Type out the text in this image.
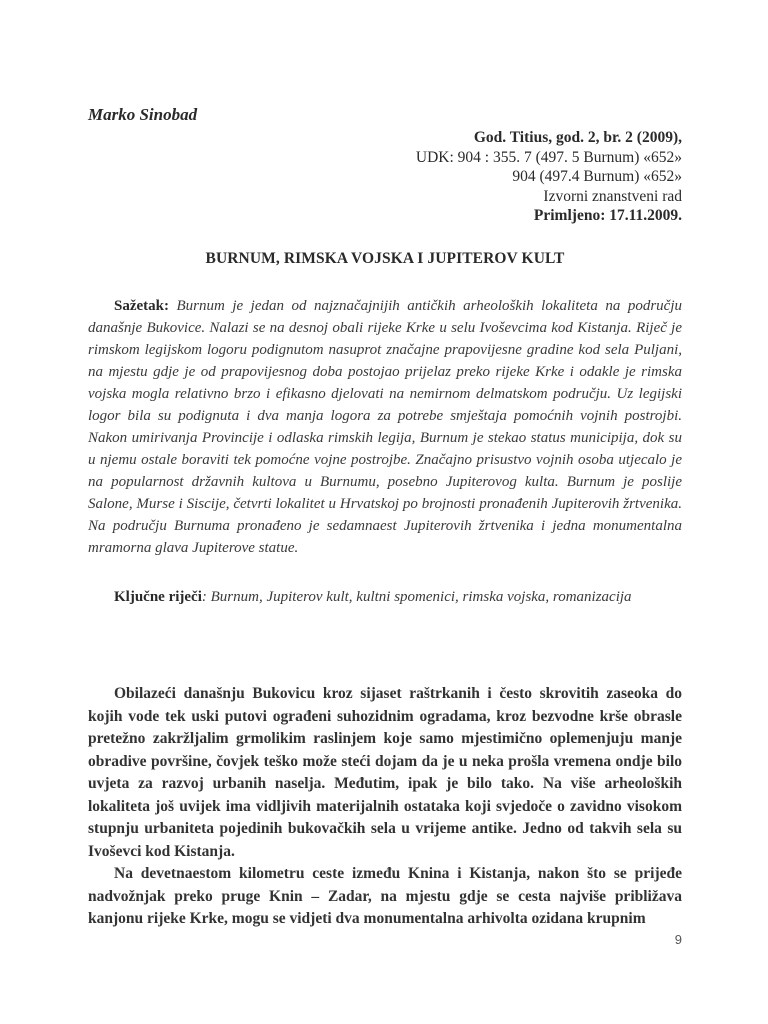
Marko Sinobad
God. Titius, god. 2, br. 2 (2009),
UDK: 904 : 355. 7 (497. 5 Burnum) «652»
904 (497.4 Burnum) «652»
Izvorni znanstveni rad
Primljeno: 17.11.2009.
BURNUM, RIMSKA VOJSKA I JUPITEROV KULT
Sažetak: Burnum je jedan od najznačajnijih antičkih arheoloških lokaliteta na području današnje Bukovice. Nalazi se na desnoj obali rijeke Krke u selu Ivoševcima kod Kistanja. Riječ je rimskom legijskom logoru podignutom nasuprot značajne prapovijesne gradine kod sela Puljani, na mjestu gdje je od prapovijesnog doba postojao prijelaz preko rijeke Krke i odakle je rimska vojska mogla relativno brzo i efikasno djelovati na nemirnom delmatskom području. Uz legijski logor bila su podignuta i dva manja logora za potrebe smještaja pomoćnih vojnih postrojbi. Nakon umirivanja Provincije i odlaska rimskih legija, Burnum je stekao status municipija, dok su u njemu ostale boraviti tek pomoćne vojne postrojbe. Značajno prisustvo vojnih osoba utjecalo je na popularnost državnih kultova u Burnumu, posebno Jupiterovog kulta. Burnum je poslije Salone, Murse i Siscije, četvrti lokalitet u Hrvatskoj po brojnosti pronađenih Jupiterovih žrtvenika. Na području Burnuma pronađeno je sedamnaest Jupiterovih žrtvenika i jedna monumentalna mramorna glava Jupiterove statue.
Ključne riječi: Burnum, Jupiterov kult, kultni spomenici, rimska vojska, romanizacija

Obilazeći današnju Bukovicu kroz sijaset raštrkanih i često skrovitih zaseoka do kojih vode tek uski putovi ograđeni suhozidnim ogradama, kroz bezvodne krše obrasle pretežno zakržljalim grmolikim raslinjem koje samo mjestimično oplemenjuju manje obradive površine, čovjek teško može steći dojam da je u neka prošla vremena ondje bilo uvjeta za razvoj urbanih naselja. Međutim, ipak je bilo tako. Na više arheoloških lokaliteta još uvijek ima vidljivih materijalnih ostataka koji svjedoče o zavidno visokom stupnju urbaniteta pojedinih bukovačkih sela u vrijeme antike. Jedno od takvih sela su Ivoševci kod Kistanja.

Na devetnaestom kilometru ceste između Knina i Kistanja, nakon što se prijeđe nadvožnjak preko pruge Knin – Zadar, na mjestu gdje se cesta najviše približava kanjonu rijeke Krke, mogu se vidjeti dva monumentalna arhivolta ozidana krupnim

9
